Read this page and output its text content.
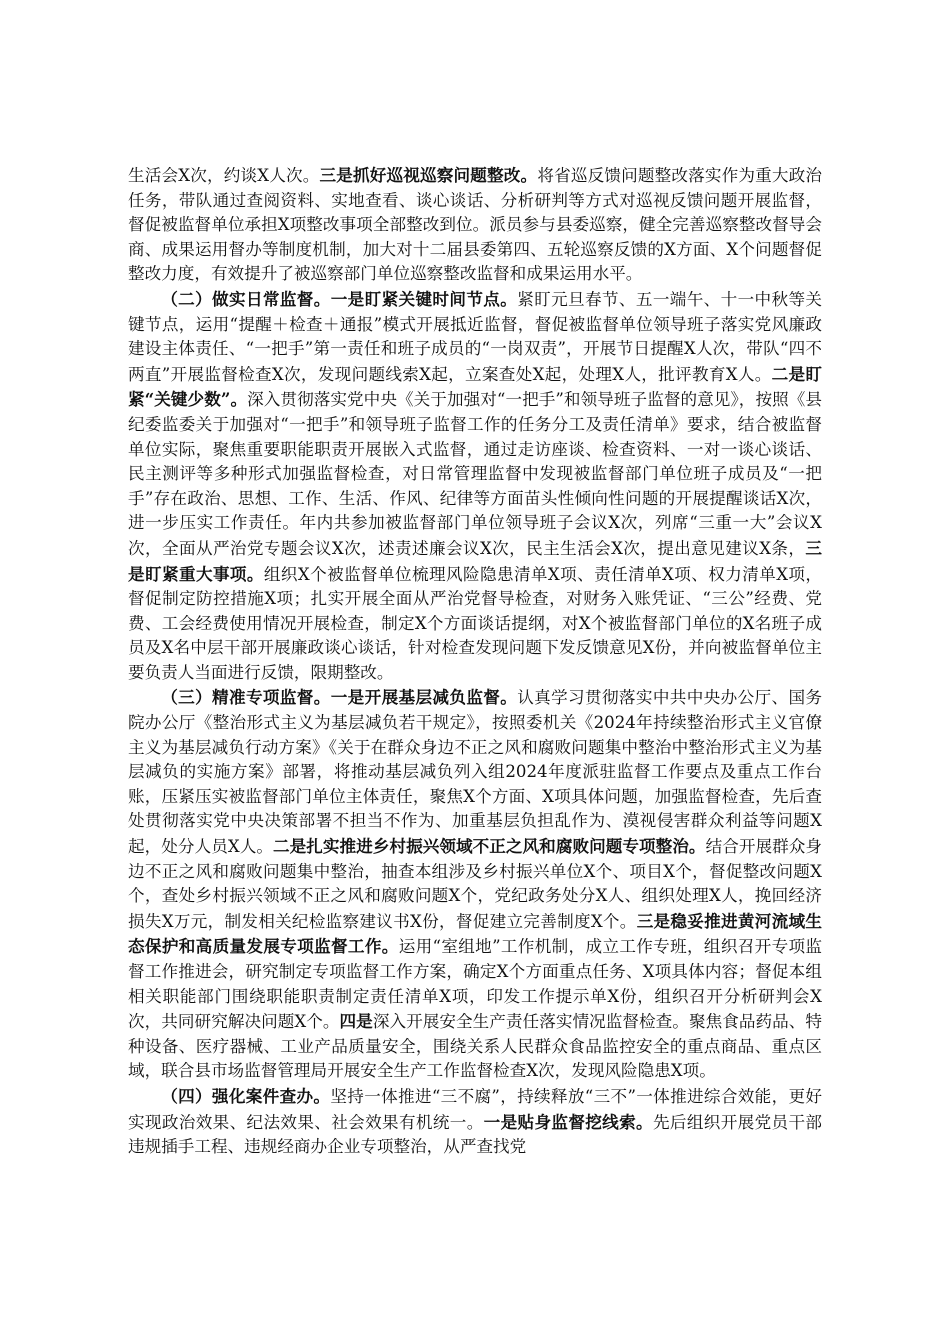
生活会X次，约谈X人次。三是抓好巡视巡察问题整改。将省巡反馈问题整改落实作为重大政治任务，带队通过查阅资料、实地查看、谈心谈话、分析研判等方式对巡视反馈问题开展监督，督促被监督单位承担X项整改事项全部整改到位。派员参与县委巡察，健全完善巡察整改督导会商、成果运用督办等制度机制，加大对十二届县委第四、五轮巡察反馈的X方面、X个问题督促整改力度，有效提升了被巡察部门单位巡察整改监督和成果运用水平。

（二）做实日常监督。一是盯紧关键时间节点。紧盯元旦春节、五一端午、十一中秋等关键节点，运用“提醒＋检查＋通报”模式开展抵近监督，督促被监督单位领导班子落实党风廉政建设主体责任、“一把手”第一责任和班子成员的“一岗双责”，开展节日提醒X人次，带队“四不两直”开展监督检查X次，发现问题线索X起，立案查处X起，处理X人，批评教育X人。二是盯紧“关键少数”。深入贯彻落实党中央《关于加强对“一把手”和领导班子监督的意见》，按照《县纪委监委关于加强对“一把手”和领导班子监督工作的任务分工及责任清单》要求，结合被监督单位实际，聚焦重要职能职责开展嵌入式监督，通过走访座谈、检查资料、一对一谈心谈话、民主测评等多种形式加强监督检查，对日常管理监督中发现被监督部门单位班子成员及“一把手”存在政治、思想、工作、生活、作风、纪律等方面苗头性倾向性问题的开展提醒谈话X次，进一步压实工作责任。年内共参加被监督部门单位领导班子会议X次，列席“三重一大”会议X次，全面从严治党专题会议X次，述责述廉会议X次，民主生活会X次，提出意见建议X条，三是盯紧重大事项。组织X个被监督单位梳理风险隐患清单X项、责任清单X项、权力清单X项，督促制定防控措施X项；扎实开展全面从严治党督导检查，对财务入账凭证、“三公”经费、党费、工会经费使用情况开展检查，制定X个方面谈话提纲，对X个被监督部门单位的X名班子成员及X名中层干部开展廉政谈心谈话，针对检查发现问题下发反馈意见X份，并向被监督单位主要负责人当面进行反馈，限期整改。

（三）精准专项监督。一是开展基层减负监督。认真学习贯彻落实中共中央办公厅、国务院办公厅《整治形式主义为基层减负若干规定》，按照委机关《2024年持续整治形式主义官僚主义为基层减负行动方案》《关于在群众身边不正之风和腐败问题集中整治中整治形式主义为基层减负的实施方案》部署，将推动基层减负列入组2024年度派驻监督工作要点及重点工作台账，压紧压实被监督部门单位主体责任，聚焦X个方面、X项具体问题，加强监督检查，先后查处贯彻落实党中央决策部署不担当不作为、加重基层负担乱作为、漠视侵害群众利益等问题X起，处分人员X人。二是扎实推进乡村振兴领域不正之风和腐败问题专项整治。结合开展群众身边不正之风和腐败问题集中整治，抽查本组涉及乡村振兴单位X个、项目X个，督促整改问题X个，查处乡村振兴领域不正之风和腐败问题X个，党纪政务处分X人、组织处理X人，挽回经济损失X万元，制发相关纪检监察建议书X份，督促建立完善制度X个。三是稳妥推进黄河流域生态保护和高质量发展专项监督工作。运用“室组地”工作机制，成立工作专班，组织召开专项监督工作推进会，研究制定专项监督工作方案，确定X个方面重点任务、X项具体内容；督促本组相关职能部门围绕职能职责制定责任清单X项，印发工作提示单X份，组织召开分析研判会X次，共同研究解决问题X个。四是深入开展安全生产责任落实情况监督检查。聚焦食品药品、特种设备、医疗器械、工业产品质量安全，围绕关系人民群众食品监控安全的重点商品、重点区域，联合县市场监督管理局开展安全生产工作监督检查X次，发现风险隐患X项。

（四）强化案件查办。坚持一体推进“三不腐”，持续释放“三不”一体推进综合效能，更好实现政治效果、纪法效果、社会效果有机统一。一是贴身监督挖线索。先后组织开展党员干部违规插手工程、违规经商办企业专项整治，从严查找党
